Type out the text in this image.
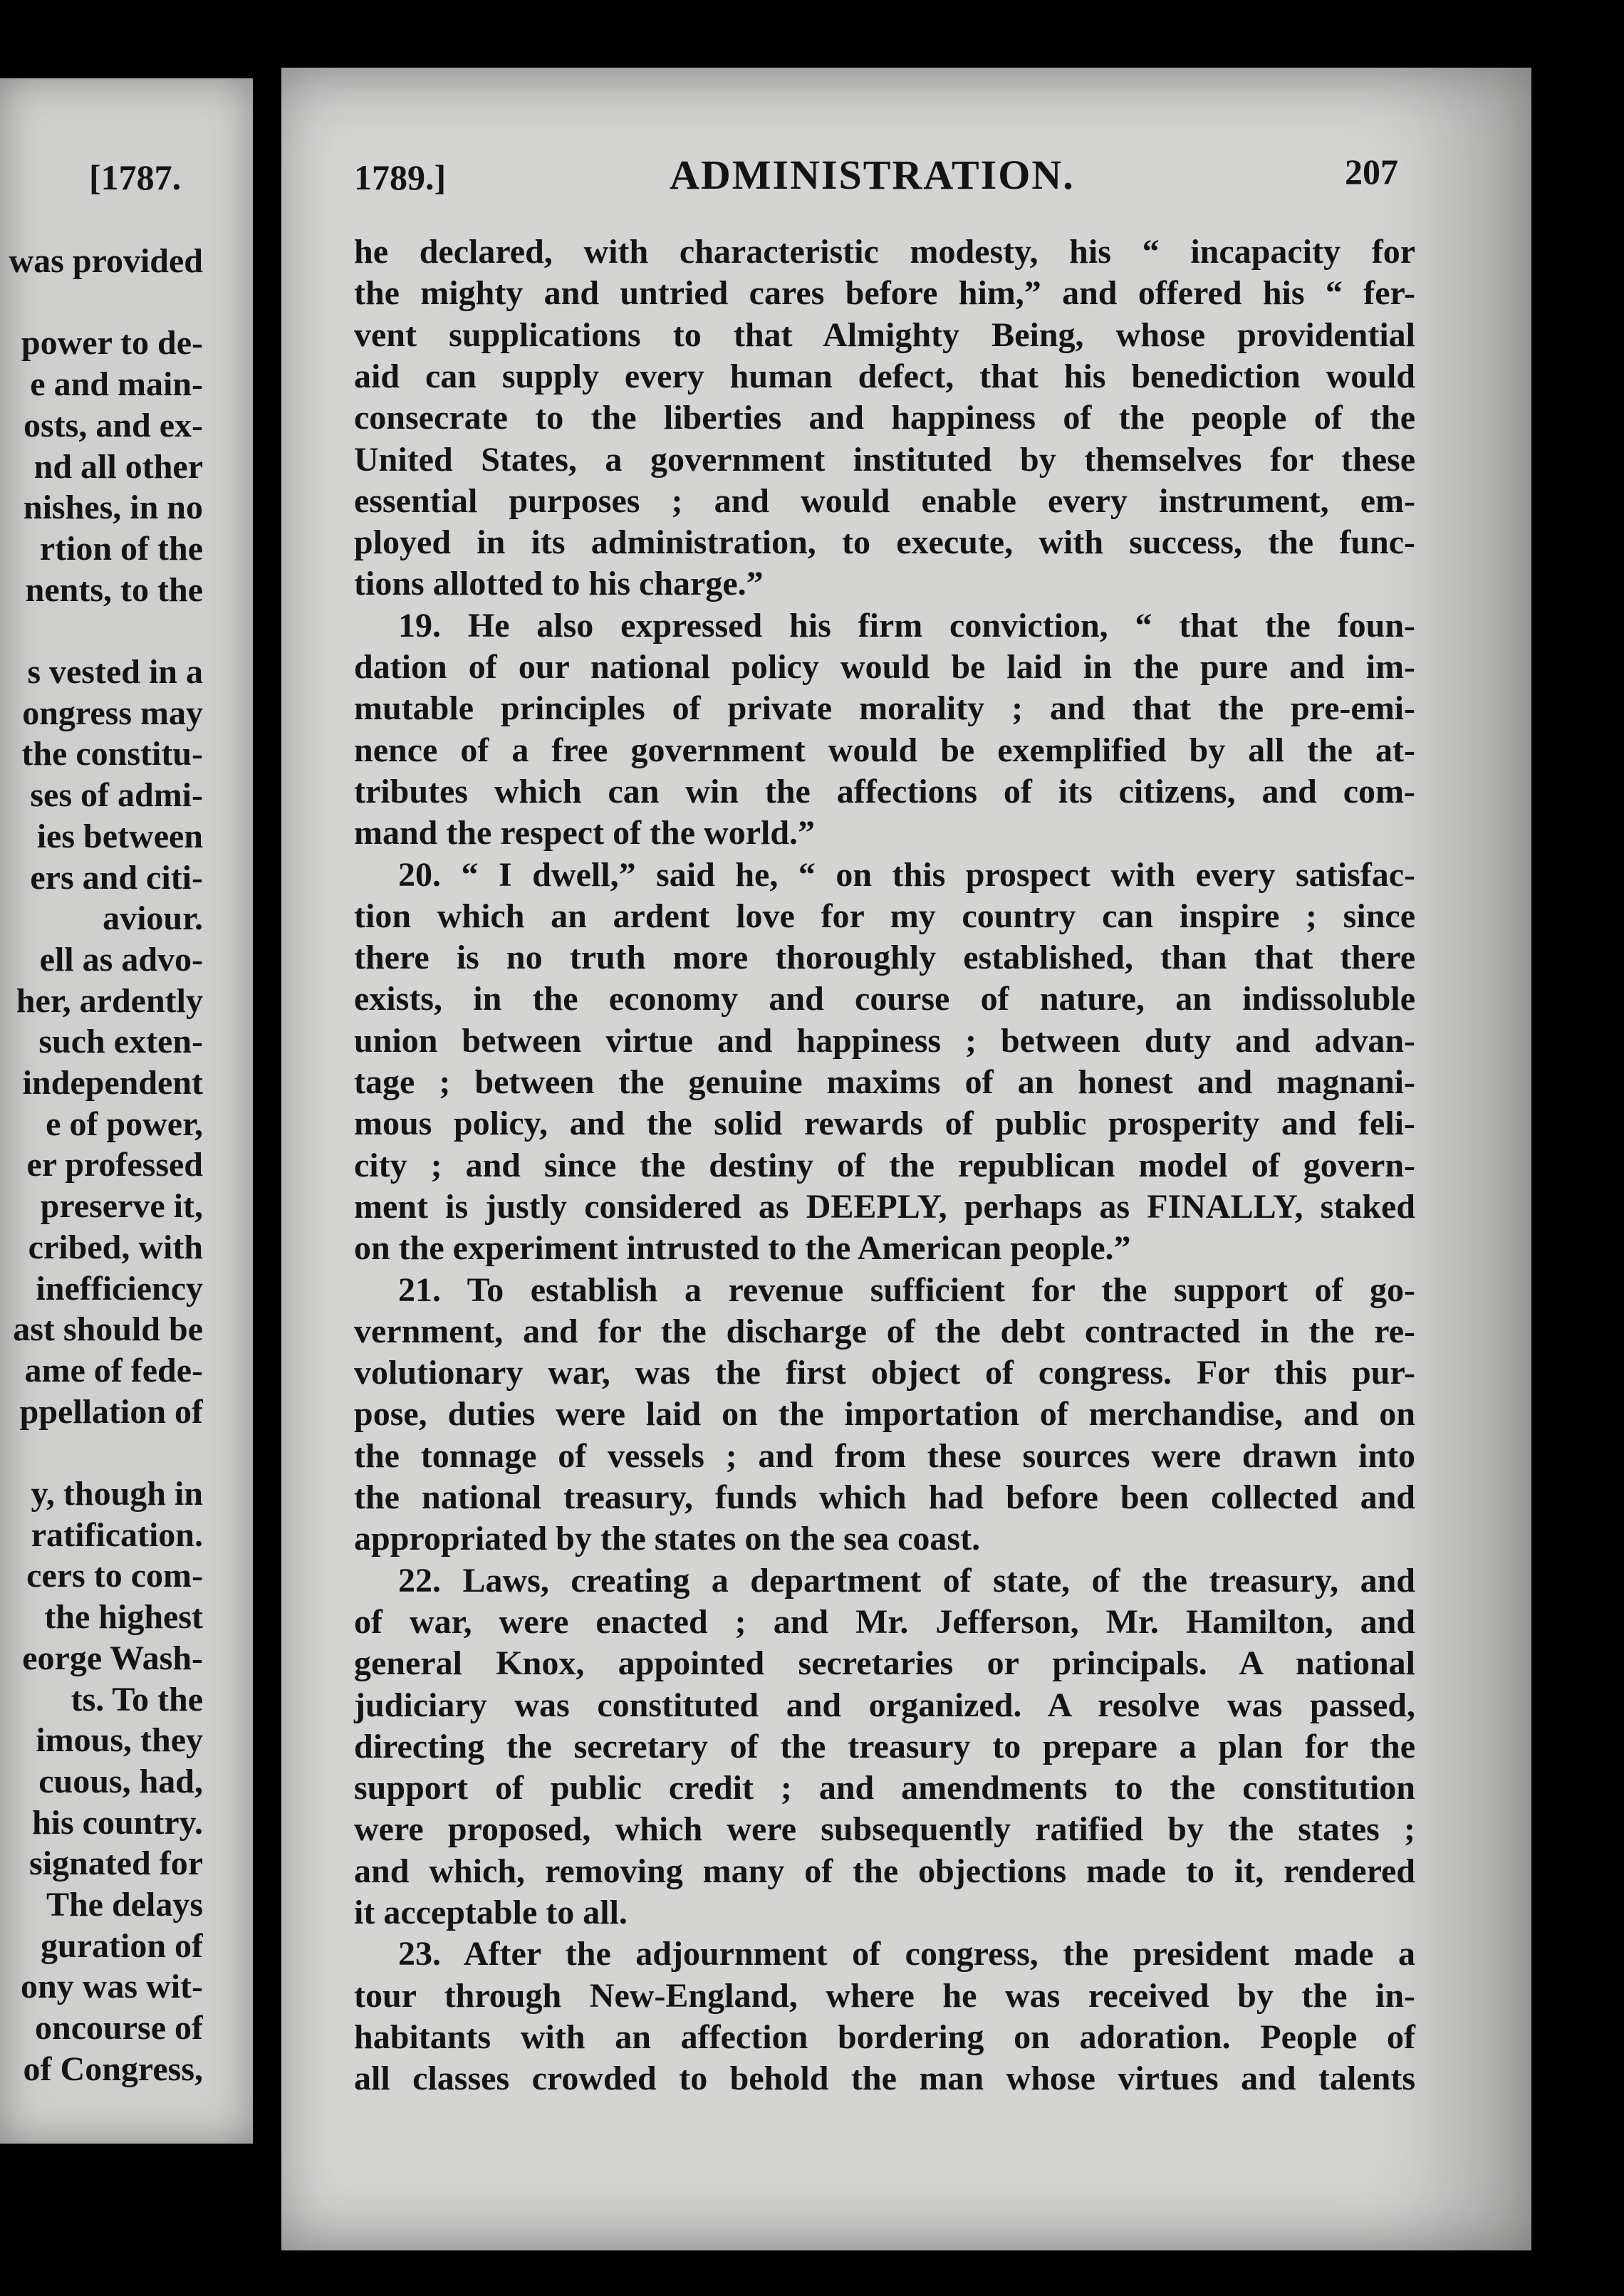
[1787.
was provided
power to de-
e and main-
osts, and ex-
nd all other
nishes, in no
rtion of the
nents, to the
s vested in a
ongress may
the constitu-
ses of admi-
ies between
ers and citi-
aviour.
ell as advo-
her, ardently
such exten-
independent
e of power,
er professed
preserve it,
cribed, with
inefficiency
ast should be
ame of fede-
ppellation of
y, though in
ratification.
cers to com-
the highest
eorge Wash-
ts. To the
imous, they
cuous, had,
his country.
signated for
The delays
guration of
ony was wit-
oncourse of
of Congress,
1789.]	ADMINISTRATION.	207
he declared, with characteristic modesty, his “ incapacity for
the mighty and untried cares before him,” and offered his “ fer-
vent supplications to that Almighty Being, whose providential
aid can supply every human defect, that his benediction would
consecrate to the liberties and happiness of the people of the
United States, a government instituted by themselves for these
essential purposes ; and would enable every instrument, em-
ployed in its administration, to execute, with success, the func-
tions allotted to his charge.”
19. He also expressed his firm conviction, “ that the foun-
dation of our national policy would be laid in the pure and im-
mutable principles of private morality ; and that the pre-emi-
nence of a free government would be exemplified by all the at-
tributes which can win the affections of its citizens, and com-
mand the respect of the world.”
20. “ I dwell,” said he, “ on this prospect with every satisfac-
tion which an ardent love for my country can inspire ; since
there is no truth more thoroughly established, than that there
exists, in the economy and course of nature, an indissoluble
union between virtue and happiness ; between duty and advan-
tage ; between the genuine maxims of an honest and magnani-
mous policy, and the solid rewards of public prosperity and feli-
city ; and since the destiny of the republican model of govern-
ment is justly considered as DEEPLY, perhaps as FINALLY, staked
on the experiment intrusted to the American people.”
21. To establish a revenue sufficient for the support of go-
vernment, and for the discharge of the debt contracted in the re-
volutionary war, was the first object of congress. For this pur-
pose, duties were laid on the importation of merchandise, and on
the tonnage of vessels ; and from these sources were drawn into
the national treasury, funds which had before been collected and
appropriated by the states on the sea coast.
22. Laws, creating a department of state, of the treasury, and
of war, were enacted ; and Mr. Jefferson, Mr. Hamilton, and
general Knox, appointed secretaries or principals. A national
judiciary was constituted and organized. A resolve was passed,
directing the secretary of the treasury to prepare a plan for the
support of public credit ; and amendments to the constitution
were proposed, which were subsequently ratified by the states ;
and which, removing many of the objections made to it, rendered
it acceptable to all.
23. After the adjournment of congress, the president made a
tour through New-England, where he was received by the in-
habitants with an affection bordering on adoration. People of
all classes crowded to behold the man whose virtues and talents
